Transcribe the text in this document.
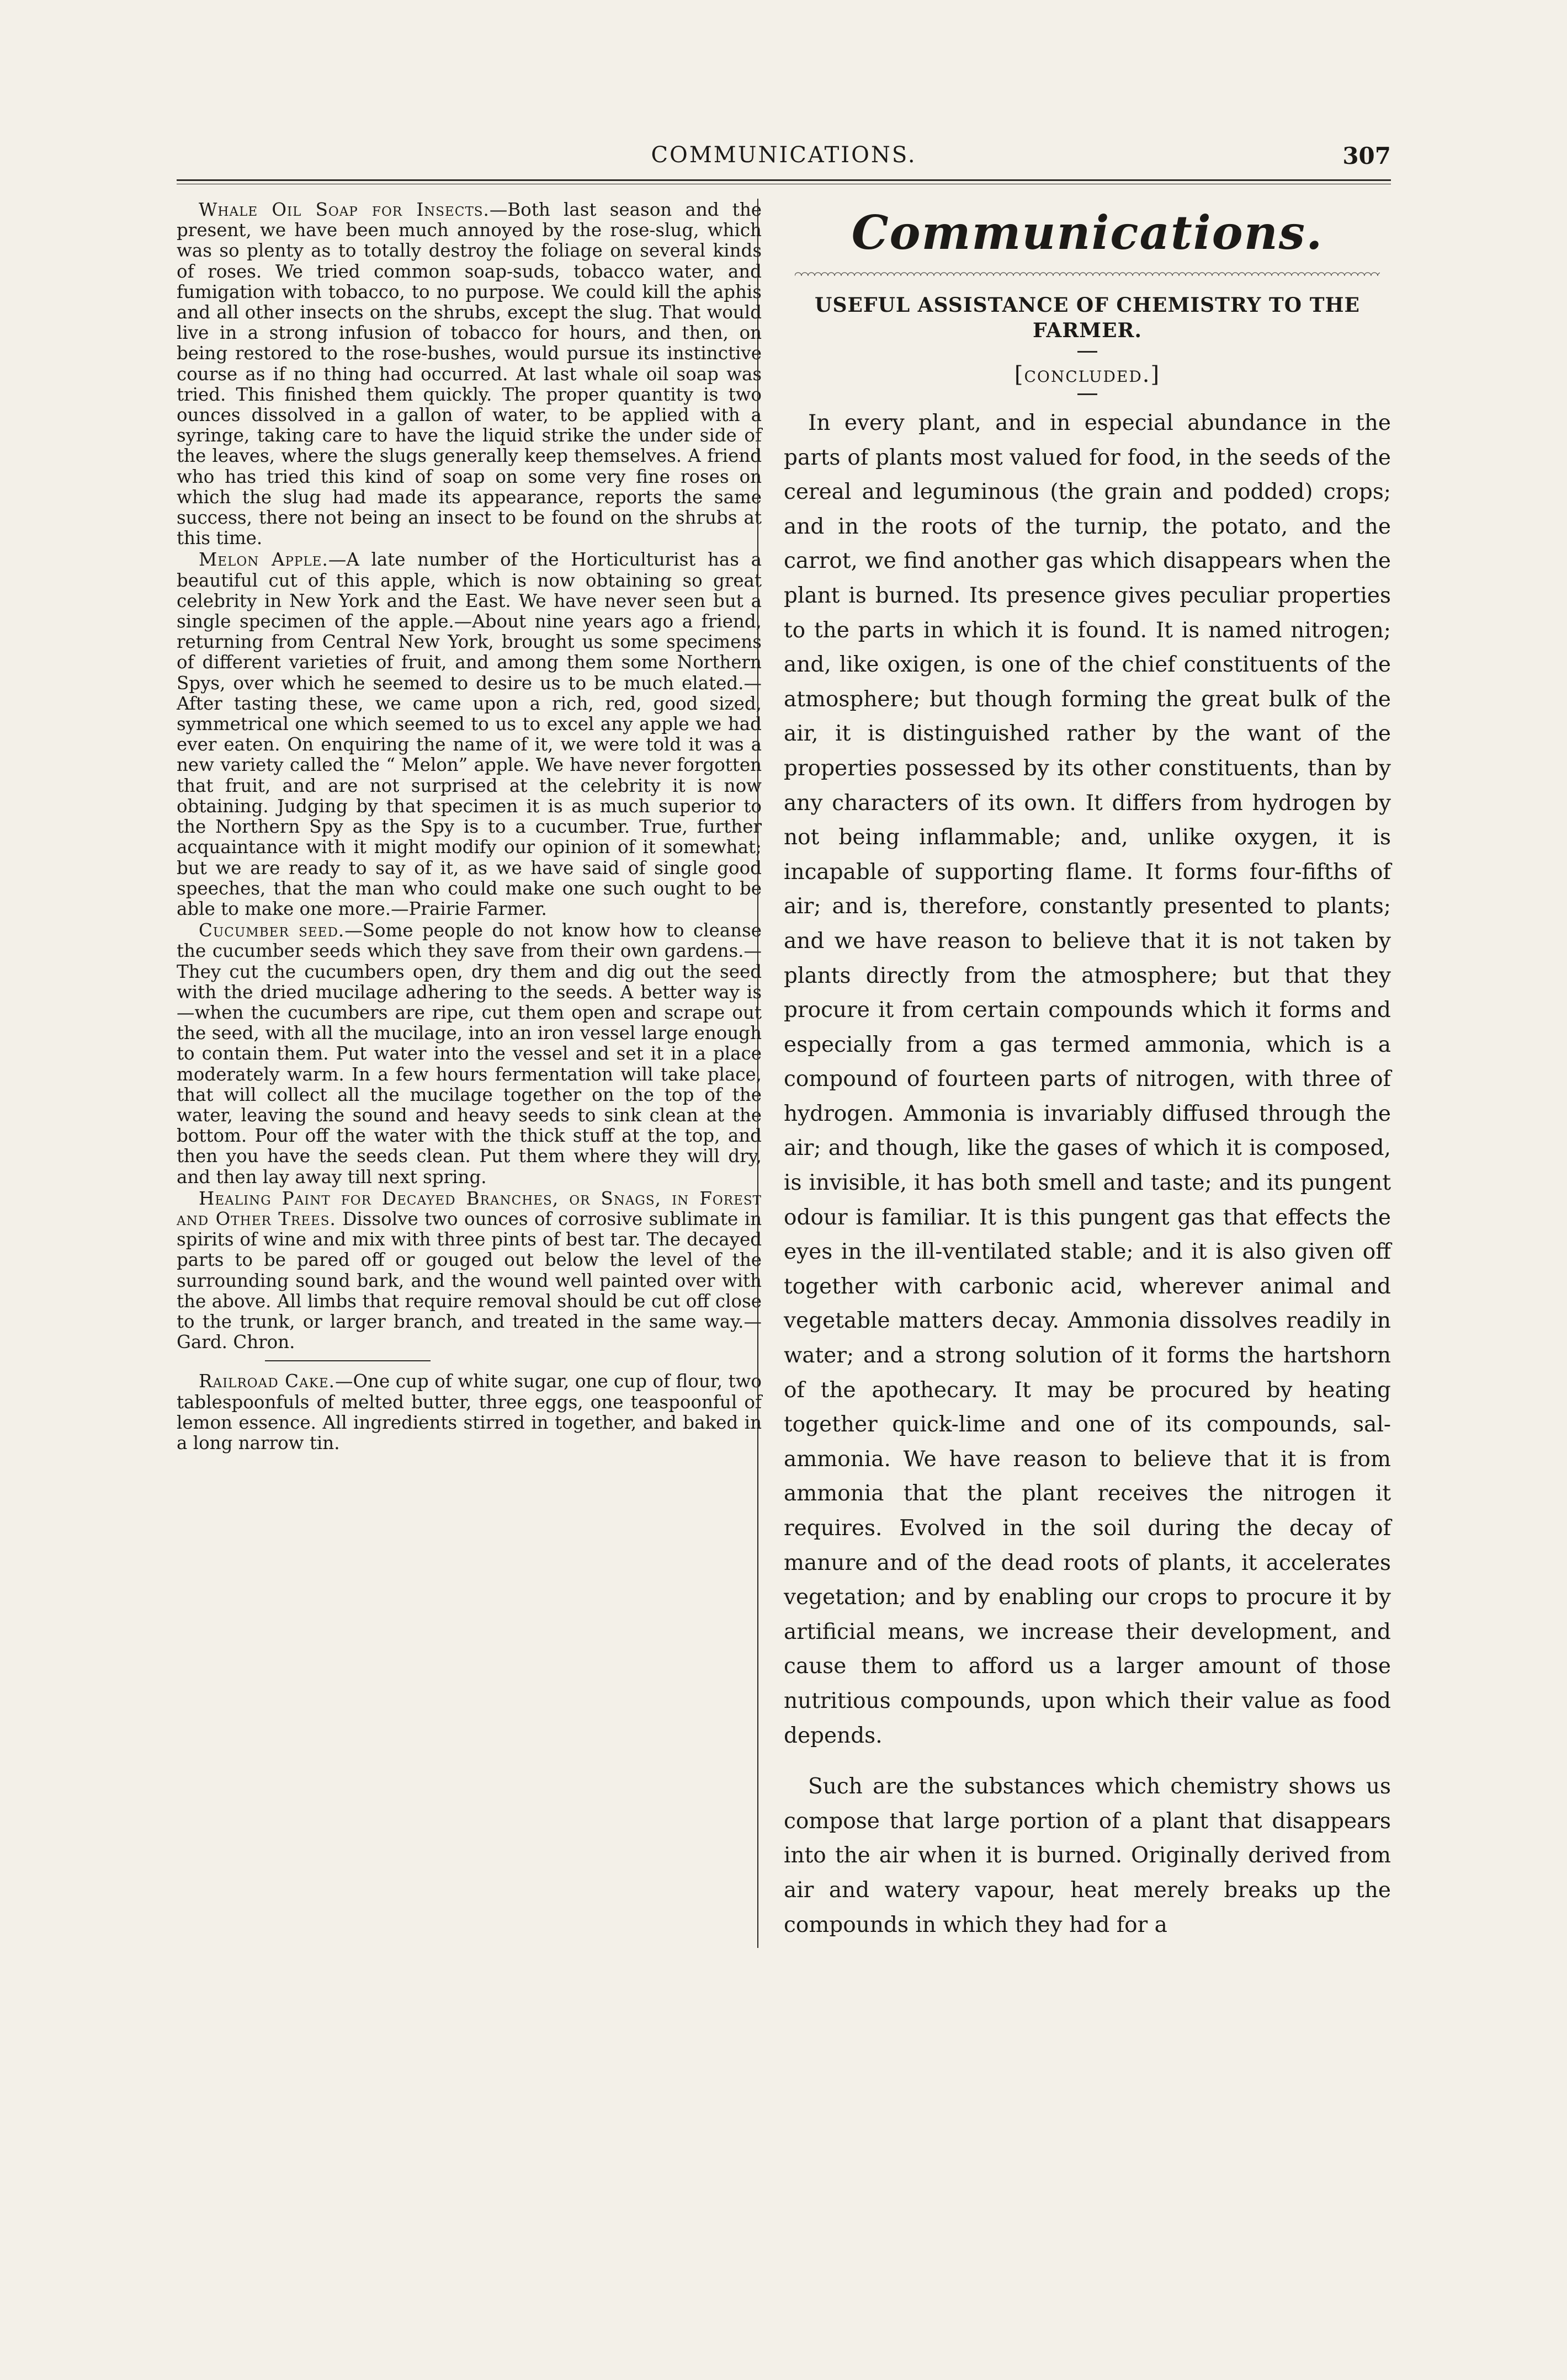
COMMUNICATIONS.	307

Whale Oil Soap for Insects.—Both last season and the present, we have been much annoyed by the rose-slug, which was so plenty as to totally destroy the foliage on several kinds of roses. We tried common soap-suds, tobacco water, and fumigation with tobacco, to no purpose. We could kill the aphis and all other insects on the shrubs, except the slug. That would live in a strong infusion of tobacco for hours, and then, on being restored to the rose-bushes, would pursue its instinctive course as if no thing had occurred. At last whale oil soap was tried. This finished them quickly. The proper quantity is two ounces dissolved in a gallon of water, to be applied with a syringe, taking care to have the liquid strike the under side of the leaves, where the slugs generally keep themselves. A friend who has tried this kind of soap on some very fine roses on which the slug had made its appearance, reports the same success, there not being an insect to be found on the shrubs at this time.

Melon Apple.—A late number of the Horticulturist has a beautiful cut of this apple, which is now obtaining so great celebrity in New York and the East. We have never seen but a single specimen of the apple.—About nine years ago a friend, returning from Central New York, brought us some specimens of different varieties of fruit, and among them some Northern Spys, over which he seemed to desire us to be much elated.—After tasting these, we came upon a rich, red, good sized, symmetrical one which seemed to us to excel any apple we had ever eaten. On enquiring the name of it, we were told it was a new variety called the “ Melon” apple. We have never forgotten that fruit, and are not surprised at the celebrity it is now obtaining. Judging by that specimen it is as much superior to the Northern Spy as the Spy is to a cucumber. True, further acquaintance with it might modify our opinion of it somewhat; but we are ready to say of it, as we have said of single good speeches, that the man who could make one such ought to be able to make one more.—Prairie Farmer.

Cucumber seed.—Some people do not know how to cleanse the cucumber seeds which they save from their own gardens.—They cut the cucumbers open, dry them and dig out the seed with the dried mucilage adhering to the seeds. A better way is—when the cucumbers are ripe, cut them open and scrape out the seed, with all the mucilage, into an iron vessel large enough to contain them. Put water into the vessel and set it in a place moderately warm. In a few hours fermentation will take place, that will collect all the mucilage together on the top of the water, leaving the sound and heavy seeds to sink clean at the bottom. Pour off the water with the thick stuff at the top, and then you have the seeds clean. Put them where they will dry, and then lay away till next spring.

Healing Paint for Decayed Branches, or Snags, in Forest and Other Trees. Dissolve two ounces of corrosive sublimate in spirits of wine and mix with three pints of best tar. The decayed parts to be pared off or gouged out below the level of the surrounding sound bark, and the wound well painted over with the above. All limbs that require removal should be cut off close to the trunk, or larger branch, and treated in the same way.—Gard. Chron.

Railroad Cake.—One cup of white sugar, one cup of flour, two tablespoonfuls of melted butter, three eggs, one teaspoonful of lemon essence. All ingredients stirred in together, and baked in a long narrow tin.

Communications.
USEFUL ASSISTANCE OF CHEMISTRY TO THE FARMER.
[concluded.]

In every plant, and in especial abundance in the parts of plants most valued for food, in the seeds of the cereal and leguminous (the grain and podded) crops; and in the roots of the turnip, the potato, and the carrot, we find another gas which disappears when the plant is burned. Its presence gives peculiar properties to the parts in which it is found. It is named nitrogen; and, like oxigen, is one of the chief constituents of the atmosphere; but though forming the great bulk of the air, it is distinguished rather by the want of the properties possessed by its other constituents, than by any characters of its own. It differs from hydrogen by not being inflammable; and, unlike oxygen, it is incapable of supporting flame. It forms four-fifths of air; and is, therefore, constantly presented to plants; and we have reason to believe that it is not taken by plants directly from the atmosphere; but that they procure it from certain compounds which it forms and especially from a gas termed ammonia, which is a compound of fourteen parts of nitrogen, with three of hydrogen. Ammonia is invariably diffused through the air; and though, like the gases of which it is composed, is invisible, it has both smell and taste; and its pungent odour is familiar. It is this pungent gas that effects the eyes in the ill-ventilated stable; and it is also given off together with carbonic acid, wherever animal and vegetable matters decay. Ammonia dissolves readily in water; and a strong solution of it forms the hartshorn of the apothecary. It may be procured by heating together quick-lime and one of its compounds, sal-ammonia. We have reason to believe that it is from ammonia that the plant receives the nitrogen it requires. Evolved in the soil during the decay of manure and of the dead roots of plants, it accelerates vegetation; and by enabling our crops to procure it by artificial means, we increase their development, and cause them to afford us a larger amount of those nutritious compounds, upon which their value as food depends.

Such are the substances which chemistry shows us compose that large portion of a plant that disappears into the air when it is burned. Originally derived from air and watery vapour, heat merely breaks up the compounds in which they had for a
